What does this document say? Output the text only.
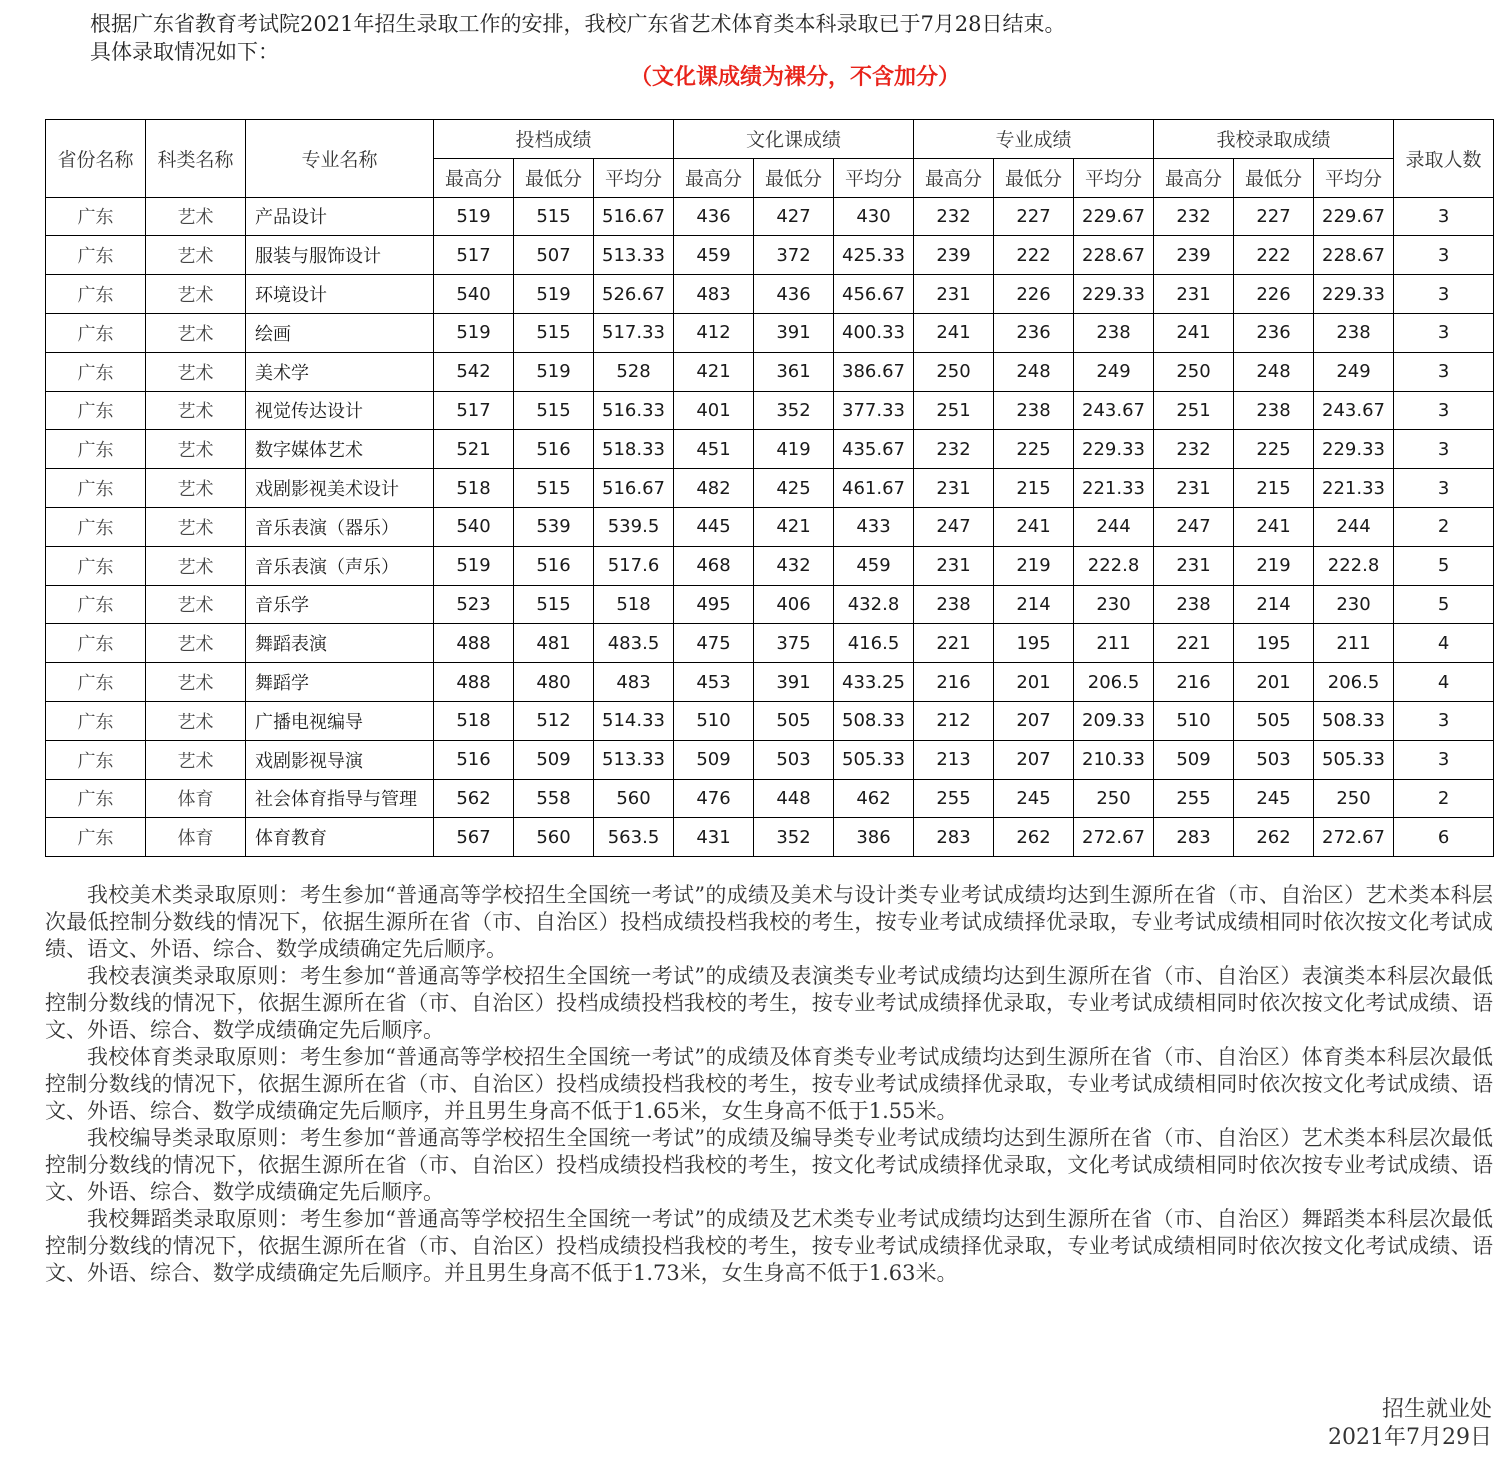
根据广东省教育考试院2021年招生录取工作的安排，我校广东省艺术体育类本科录取已于7月28日结束。

具体录取情况如下：

（文化课成绩为裸分，不含加分）
省份名称	科类名称	专业名称	投档成绩			文化课成绩			专业成绩			我校录取成绩			录取人数
			最高分	最低分	平均分	最高分	最低分	平均分	最高分	最低分	平均分	最高分	最低分	平均分	
广东	艺术	产品设计	519	515	516.67	436	427	430	232	227	229.67	232	227	229.67	3
广东	艺术	服装与服饰设计	517	507	513.33	459	372	425.33	239	222	228.67	239	222	228.67	3
广东	艺术	环境设计	540	519	526.67	483	436	456.67	231	226	229.33	231	226	229.33	3
广东	艺术	绘画	519	515	517.33	412	391	400.33	241	236	238	241	236	238	3
广东	艺术	美术学	542	519	528	421	361	386.67	250	248	249	250	248	249	3
广东	艺术	视觉传达设计	517	515	516.33	401	352	377.33	251	238	243.67	251	238	243.67	3
广东	艺术	数字媒体艺术	521	516	518.33	451	419	435.67	232	225	229.33	232	225	229.33	3
广东	艺术	戏剧影视美术设计	518	515	516.67	482	425	461.67	231	215	221.33	231	215	221.33	3
广东	艺术	音乐表演（器乐）	540	539	539.5	445	421	433	247	241	244	247	241	244	2
广东	艺术	音乐表演（声乐）	519	516	517.6	468	432	459	231	219	222.8	231	219	222.8	5
广东	艺术	音乐学	523	515	518	495	406	432.8	238	214	230	238	214	230	5
广东	艺术	舞蹈表演	488	481	483.5	475	375	416.5	221	195	211	221	195	211	4
广东	艺术	舞蹈学	488	480	483	453	391	433.25	216	201	206.5	216	201	206.5	4
广东	艺术	广播电视编导	518	512	514.33	510	505	508.33	212	207	209.33	510	505	508.33	3
广东	艺术	戏剧影视导演	516	509	513.33	509	503	505.33	213	207	210.33	509	503	505.33	3
广东	体育	社会体育指导与管理	562	558	560	476	448	462	255	245	250	255	245	250	2
广东	体育	体育教育	567	560	563.5	431	352	386	283	262	272.67	283	262	272.67	6

我校美术类录取原则：考生参加“普通高等学校招生全国统一考试”的成绩及美术与设计类专业考试成绩均达到生源所在省（市、自治区）艺术类本科层次最低控制分数线的情况下，依据生源所在省（市、自治区）投档成绩投档我校的考生，按专业考试成绩择优录取，专业考试成绩相同时依次按文化考试成绩、语文、外语、综合、数学成绩确定先后顺序。

我校表演类录取原则：考生参加“普通高等学校招生全国统一考试”的成绩及表演类专业考试成绩均达到生源所在省（市、自治区）表演类本科层次最低控制分数线的情况下，依据生源所在省（市、自治区）投档成绩投档我校的考生，按专业考试成绩择优录取，专业考试成绩相同时依次按文化考试成绩、语文、外语、综合、数学成绩确定先后顺序。

我校体育类录取原则：考生参加“普通高等学校招生全国统一考试”的成绩及体育类专业考试成绩均达到生源所在省（市、自治区）体育类本科层次最低控制分数线的情况下，依据生源所在省（市、自治区）投档成绩投档我校的考生，按专业考试成绩择优录取，专业考试成绩相同时依次按文化考试成绩、语文、外语、综合、数学成绩确定先后顺序，并且男生身高不低于1.65米，女生身高不低于1.55米。

我校编导类录取原则：考生参加“普通高等学校招生全国统一考试”的成绩及编导类专业考试成绩均达到生源所在省（市、自治区）艺术类本科层次最低控制分数线的情况下，依据生源所在省（市、自治区）投档成绩投档我校的考生，按文化考试成绩择优录取，文化考试成绩相同时依次按专业考试成绩、语文、外语、综合、数学成绩确定先后顺序。

我校舞蹈类录取原则：考生参加“普通高等学校招生全国统一考试”的成绩及艺术类专业考试成绩均达到生源所在省（市、自治区）舞蹈类本科层次最低控制分数线的情况下，依据生源所在省（市、自治区）投档成绩投档我校的考生，按专业考试成绩择优录取，专业考试成绩相同时依次按文化考试成绩、语文、外语、综合、数学成绩确定先后顺序。并且男生身高不低于1.73米，女生身高不低于1.63米。

招生就业处
2021年7月29日
